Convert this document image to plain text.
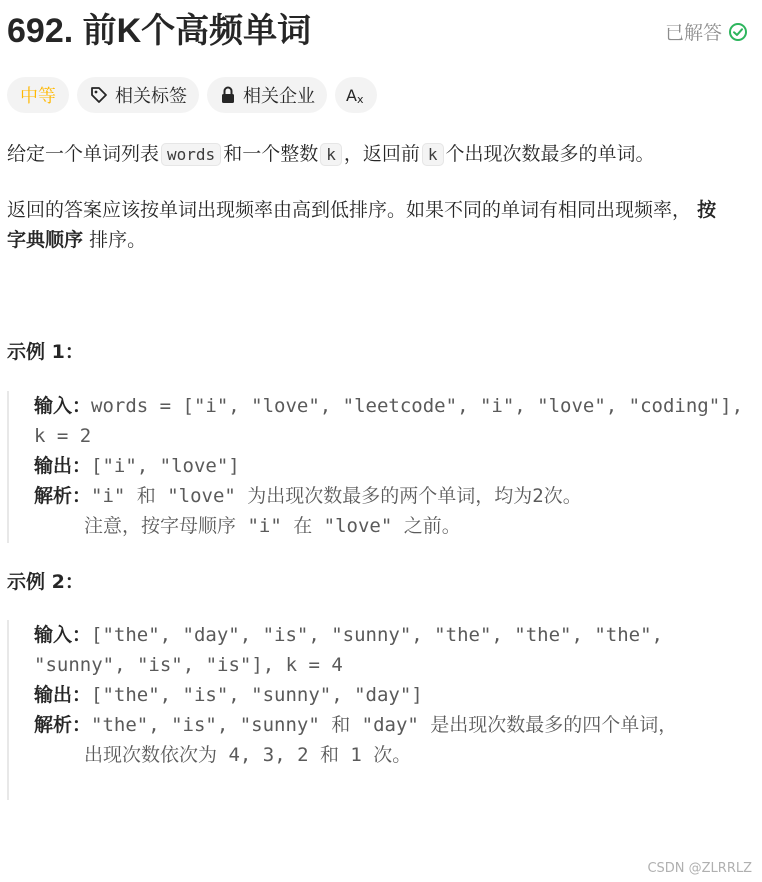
692. 前K个高频单词	已解答
中等	相关标签	相关企业 A x

给定一个单词列表 words 和一个整数 k ，返回前 k 个出现次数最多的单词。

返回的答案应该按单词出现频率由高到低排序。如果不同的单词有相同出现频率， 按字典顺序 排序。

示例 1：

输入：words = ["i", "love", "leetcode", "i", "love", "coding"], k = 2
输出：["i", "love"]
解析："i" 和 "love" 为出现次数最多的两个单词，均为2次。
注意，按字母顺序 "i" 在 "love" 之前。

示例 2：

输入：["the", "day", "is", "sunny", "the", "the", "the", "sunny", "is", "is"], k = 4
输出：["the", "is", "sunny", "day"]
解析："the", "is", "sunny" 和 "day" 是出现次数最多的四个单词，
出现次数依次为 4, 3, 2 和 1 次。
CSDN @ZLRRLZ
